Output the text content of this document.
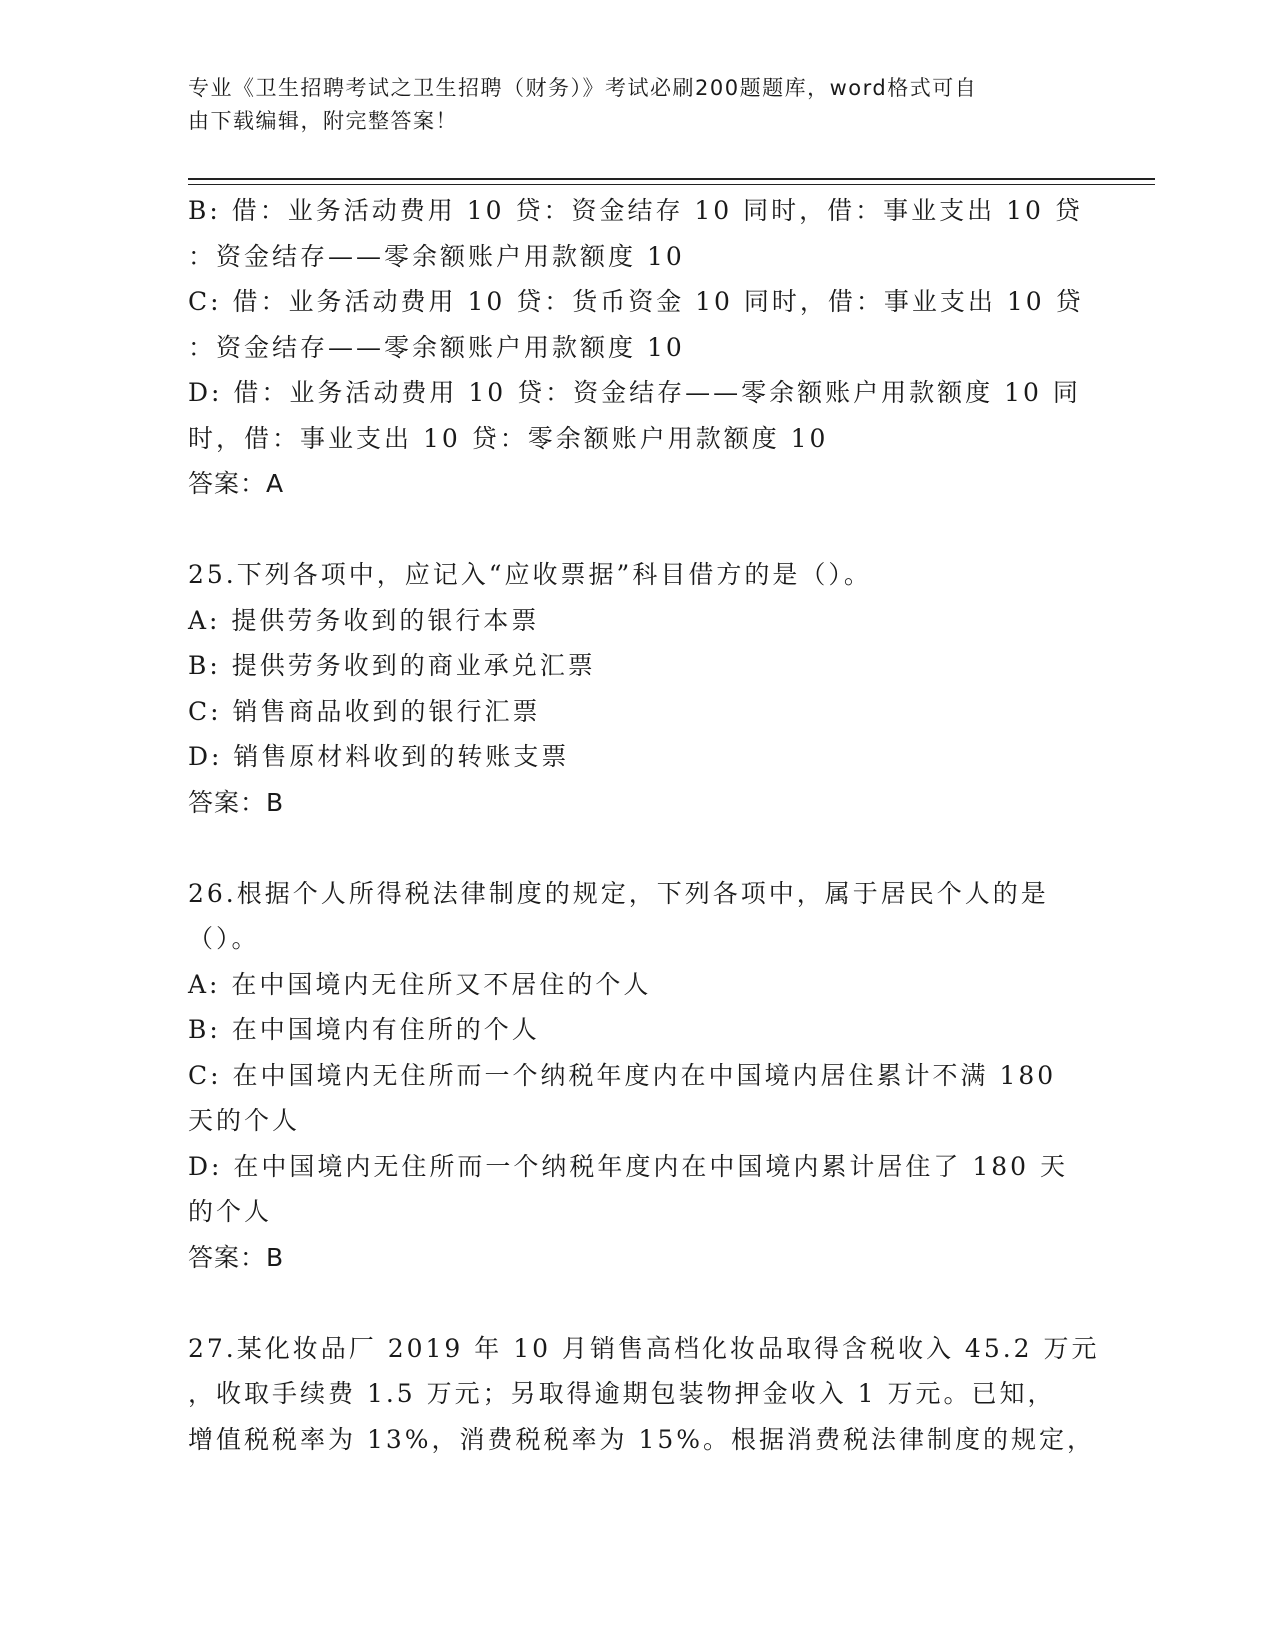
专业《卫生招聘考试之卫生招聘（财务）》考试必刷200题题库，word格式可自
由下载编辑，附完整答案！
B: 借：业务活动费用 10 贷：资金结存 10 同时，借：事业支出 10 贷
：资金结存——零余额账户用款额度 10
C: 借：业务活动费用 10 贷：货币资金 10 同时，借：事业支出 10 贷
：资金结存——零余额账户用款额度 10
D: 借：业务活动费用 10 贷：资金结存——零余额账户用款额度 10 同
时，借：事业支出 10 贷：零余额账户用款额度 10
答案：A
25.下列各项中，应记入“应收票据”科目借方的是（）。
A: 提供劳务收到的银行本票
B: 提供劳务收到的商业承兑汇票
C: 销售商品收到的银行汇票
D: 销售原材料收到的转账支票
答案：B
26.根据个人所得税法律制度的规定，下列各项中，属于居民个人的是
（）。
A: 在中国境内无住所又不居住的个人
B: 在中国境内有住所的个人
C: 在中国境内无住所而一个纳税年度内在中国境内居住累计不满 180
天的个人
D: 在中国境内无住所而一个纳税年度内在中国境内累计居住了 180 天
的个人
答案：B
27.某化妆品厂 2019 年 10 月销售高档化妆品取得含税收入 45.2 万元
，收取手续费 1.5 万元；另取得逾期包装物押金收入 1 万元。已知，
增值税税率为 13%，消费税税率为 15%。根据消费税法律制度的规定，
